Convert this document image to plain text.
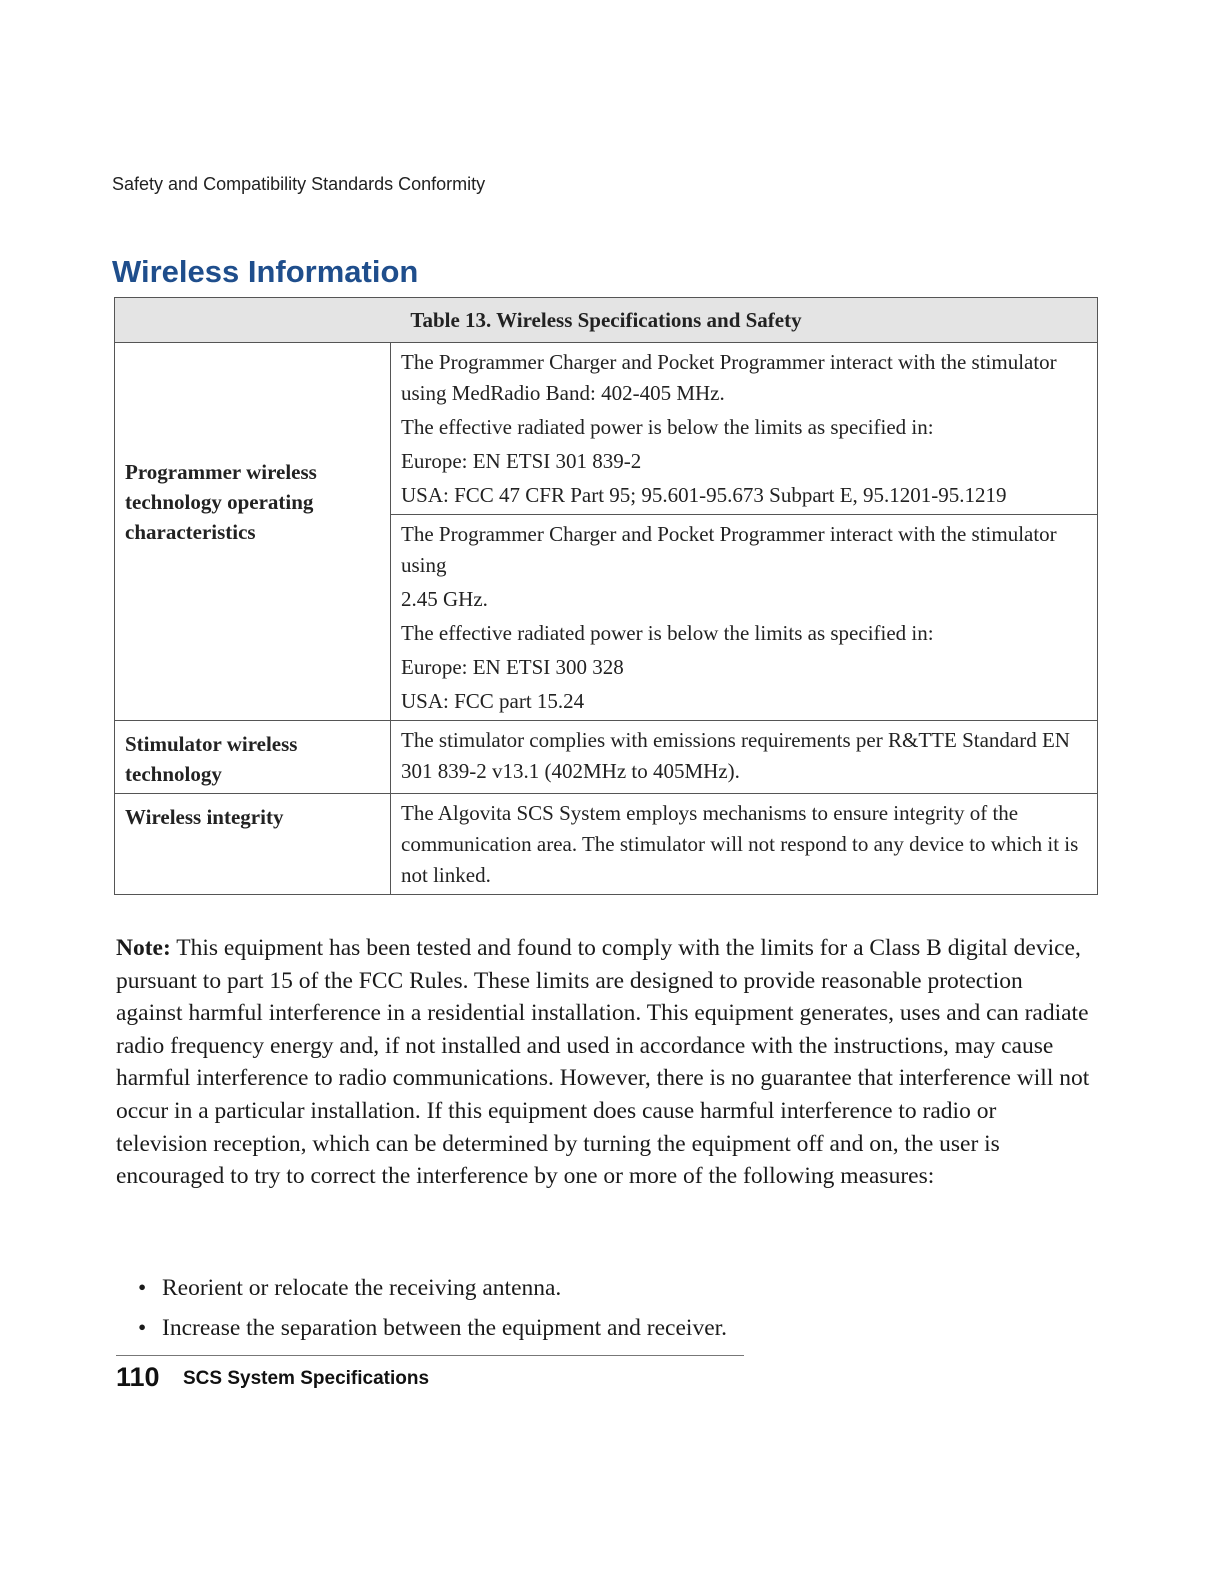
Safety and Compatibility Standards Conformity
Wireless Information
Table 13. Wireless Specifications and Safety	
Programmer wireless technology operating characteristics	The Programmer Charger and Pocket Programmer interact with the stimulator using MedRadio Band: 402-405 MHz.

The effective radiated power is below the limits as specified in:

Europe: EN ETSI 301 839-2

USA: FCC 47 CFR Part 95; 95.601-95.673 Subpart E, 95.1201-95.1219

	The Programmer Charger and Pocket Programmer interact with the stimulator using

2.45 GHz.

The effective radiated power is below the limits as specified in:

Europe: EN ETSI 300 328

USA: FCC part 15.24

Stimulator wireless technology	The stimulator complies with emissions requirements per R&TTE Standard EN 301 839-2 v13.1 (402MHz to 405MHz).

Wireless integrity	The Algovita SCS System employs mechanisms to ensure integrity of the communication area. The stimulator will not respond to any device to which it is not linked.

Note: This equipment has been tested and found to comply with the limits for a Class B digital device, pursuant to part 15 of the FCC Rules. These limits are designed to provide reasonable protection against harmful interference in a residential installation. This equipment generates, uses and can radiate radio frequency energy and, if not installed and used in accordance with the instructions, may cause harmful interference to radio communications. However, there is no guarantee that interference will not occur in a particular installation. If this equipment does cause harmful interference to radio or television reception, which can be determined by turning the equipment off and on, the user is encouraged to try to correct the interference by one or more of the following measures:

• Reorient or relocate the receiving antenna.
• Increase the separation between the equipment and receiver.
110 SCS System Specifications
